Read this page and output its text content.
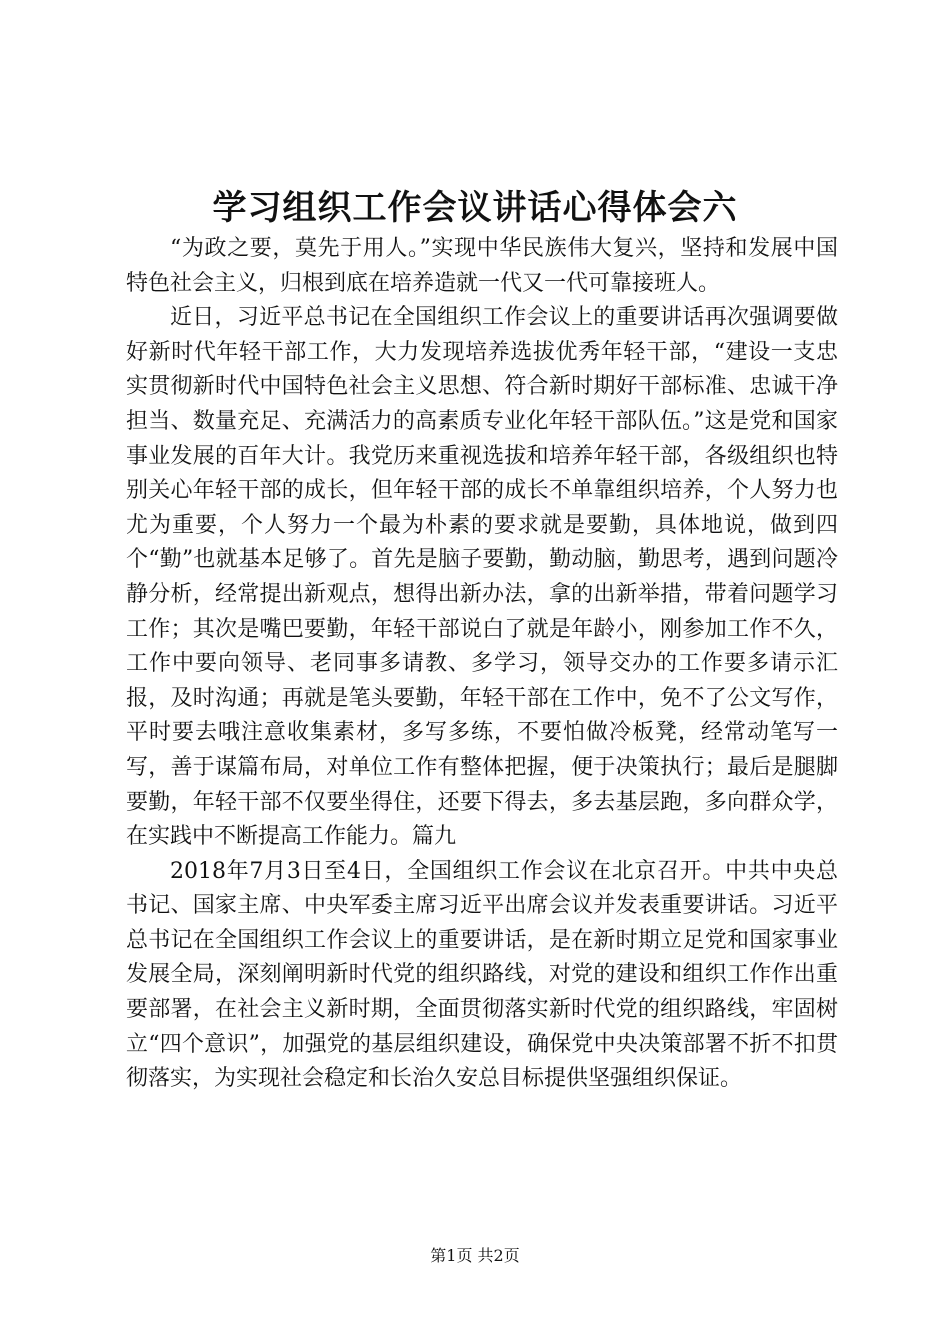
学习组织工作会议讲话心得体会六

“为政之要，莫先于用人。”实现中华民族伟大复兴，坚持和发展中国特色社会主义，归根到底在培养造就一代又一代可靠接班人。

近日，习近平总书记在全国组织工作会议上的重要讲话再次强调要做好新时代年轻干部工作，大力发现培养选拔优秀年轻干部，“建设一支忠实贯彻新时代中国特色社会主义思想、符合新时期好干部标准、忠诚干净担当、数量充足、充满活力的高素质专业化年轻干部队伍。”这是党和国家事业发展的百年大计。我党历来重视选拔和培养年轻干部，各级组织也特别关心年轻干部的成长，但年轻干部的成长不单靠组织培养，个人努力也尤为重要，个人努力一个最为朴素的要求就是要勤，具体地说，做到四个“勤”也就基本足够了。首先是脑子要勤，勤动脑，勤思考，遇到问题冷静分析，经常提出新观点，想得出新办法，拿的出新举措，带着问题学习工作；其次是嘴巴要勤，年轻干部说白了就是年龄小，刚参加工作不久，工作中要向领导、老同事多请教、多学习，领导交办的工作要多请示汇报，及时沟通；再就是笔头要勤，年轻干部在工作中，免不了公文写作，平时要去哦注意收集素材，多写多练，不要怕做冷板凳，经常动笔写一写，善于谋篇布局，对单位工作有整体把握，便于决策执行；最后是腿脚要勤，年轻干部不仅要坐得住，还要下得去，多去基层跑，多向群众学，在实践中不断提高工作能力。篇九

2018年7月3日至4日，全国组织工作会议在北京召开。中共中央总书记、国家主席、中央军委主席习近平出席会议并发表重要讲话。习近平总书记在全国组织工作会议上的重要讲话，是在新时期立足党和国家事业发展全局，深刻阐明新时代党的组织路线，对党的建设和组织工作作出重要部署，在社会主义新时期，全面贯彻落实新时代党的组织路线，牢固树立“四个意识”，加强党的基层组织建设，确保党中央决策部署不折不扣贯彻落实，为实现社会稳定和长治久安总目标提供坚强组织保证。

第1页 共2页
